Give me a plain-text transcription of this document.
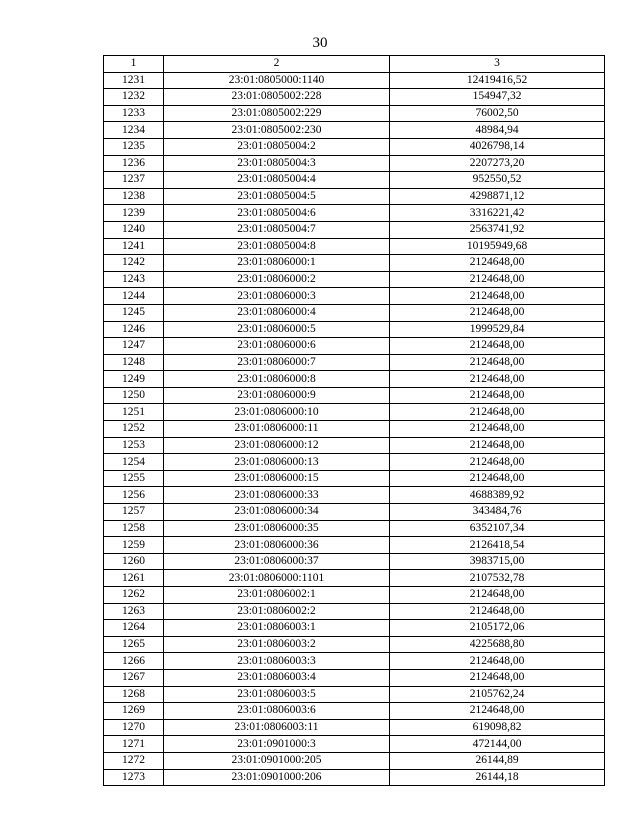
30
1	2	3
1231	23:01:0805000:1140	12419416,52
1232	23:01:0805002:228	154947,32
1233	23:01:0805002:229	76002,50
1234	23:01:0805002:230	48984,94
1235	23:01:0805004:2	4026798,14
1236	23:01:0805004:3	2207273,20
1237	23:01:0805004:4	952550,52
1238	23:01:0805004:5	4298871,12
1239	23:01:0805004:6	3316221,42
1240	23:01:0805004:7	2563741,92
1241	23:01:0805004:8	10195949,68
1242	23:01:0806000:1	2124648,00
1243	23:01:0806000:2	2124648,00
1244	23:01:0806000:3	2124648,00
1245	23:01:0806000:4	2124648,00
1246	23:01:0806000:5	1999529,84
1247	23:01:0806000:6	2124648,00
1248	23:01:0806000:7	2124648,00
1249	23:01:0806000:8	2124648,00
1250	23:01:0806000:9	2124648,00
1251	23:01:0806000:10	2124648,00
1252	23:01:0806000:11	2124648,00
1253	23:01:0806000:12	2124648,00
1254	23:01:0806000:13	2124648,00
1255	23:01:0806000:15	2124648,00
1256	23:01:0806000:33	4688389,92
1257	23:01:0806000:34	343484,76
1258	23:01:0806000:35	6352107,34
1259	23:01:0806000:36	2126418,54
1260	23:01:0806000:37	3983715,00
1261	23:01:0806000:1101	2107532,78
1262	23:01:0806002:1	2124648,00
1263	23:01:0806002:2	2124648,00
1264	23:01:0806003:1	2105172,06
1265	23:01:0806003:2	4225688,80
1266	23:01:0806003:3	2124648,00
1267	23:01:0806003:4	2124648,00
1268	23:01:0806003:5	2105762,24
1269	23:01:0806003:6	2124648,00
1270	23:01:0806003:11	619098,82
1271	23:01:0901000:3	472144,00
1272	23:01:0901000:205	26144,89
1273	23:01:0901000:206	26144,18
